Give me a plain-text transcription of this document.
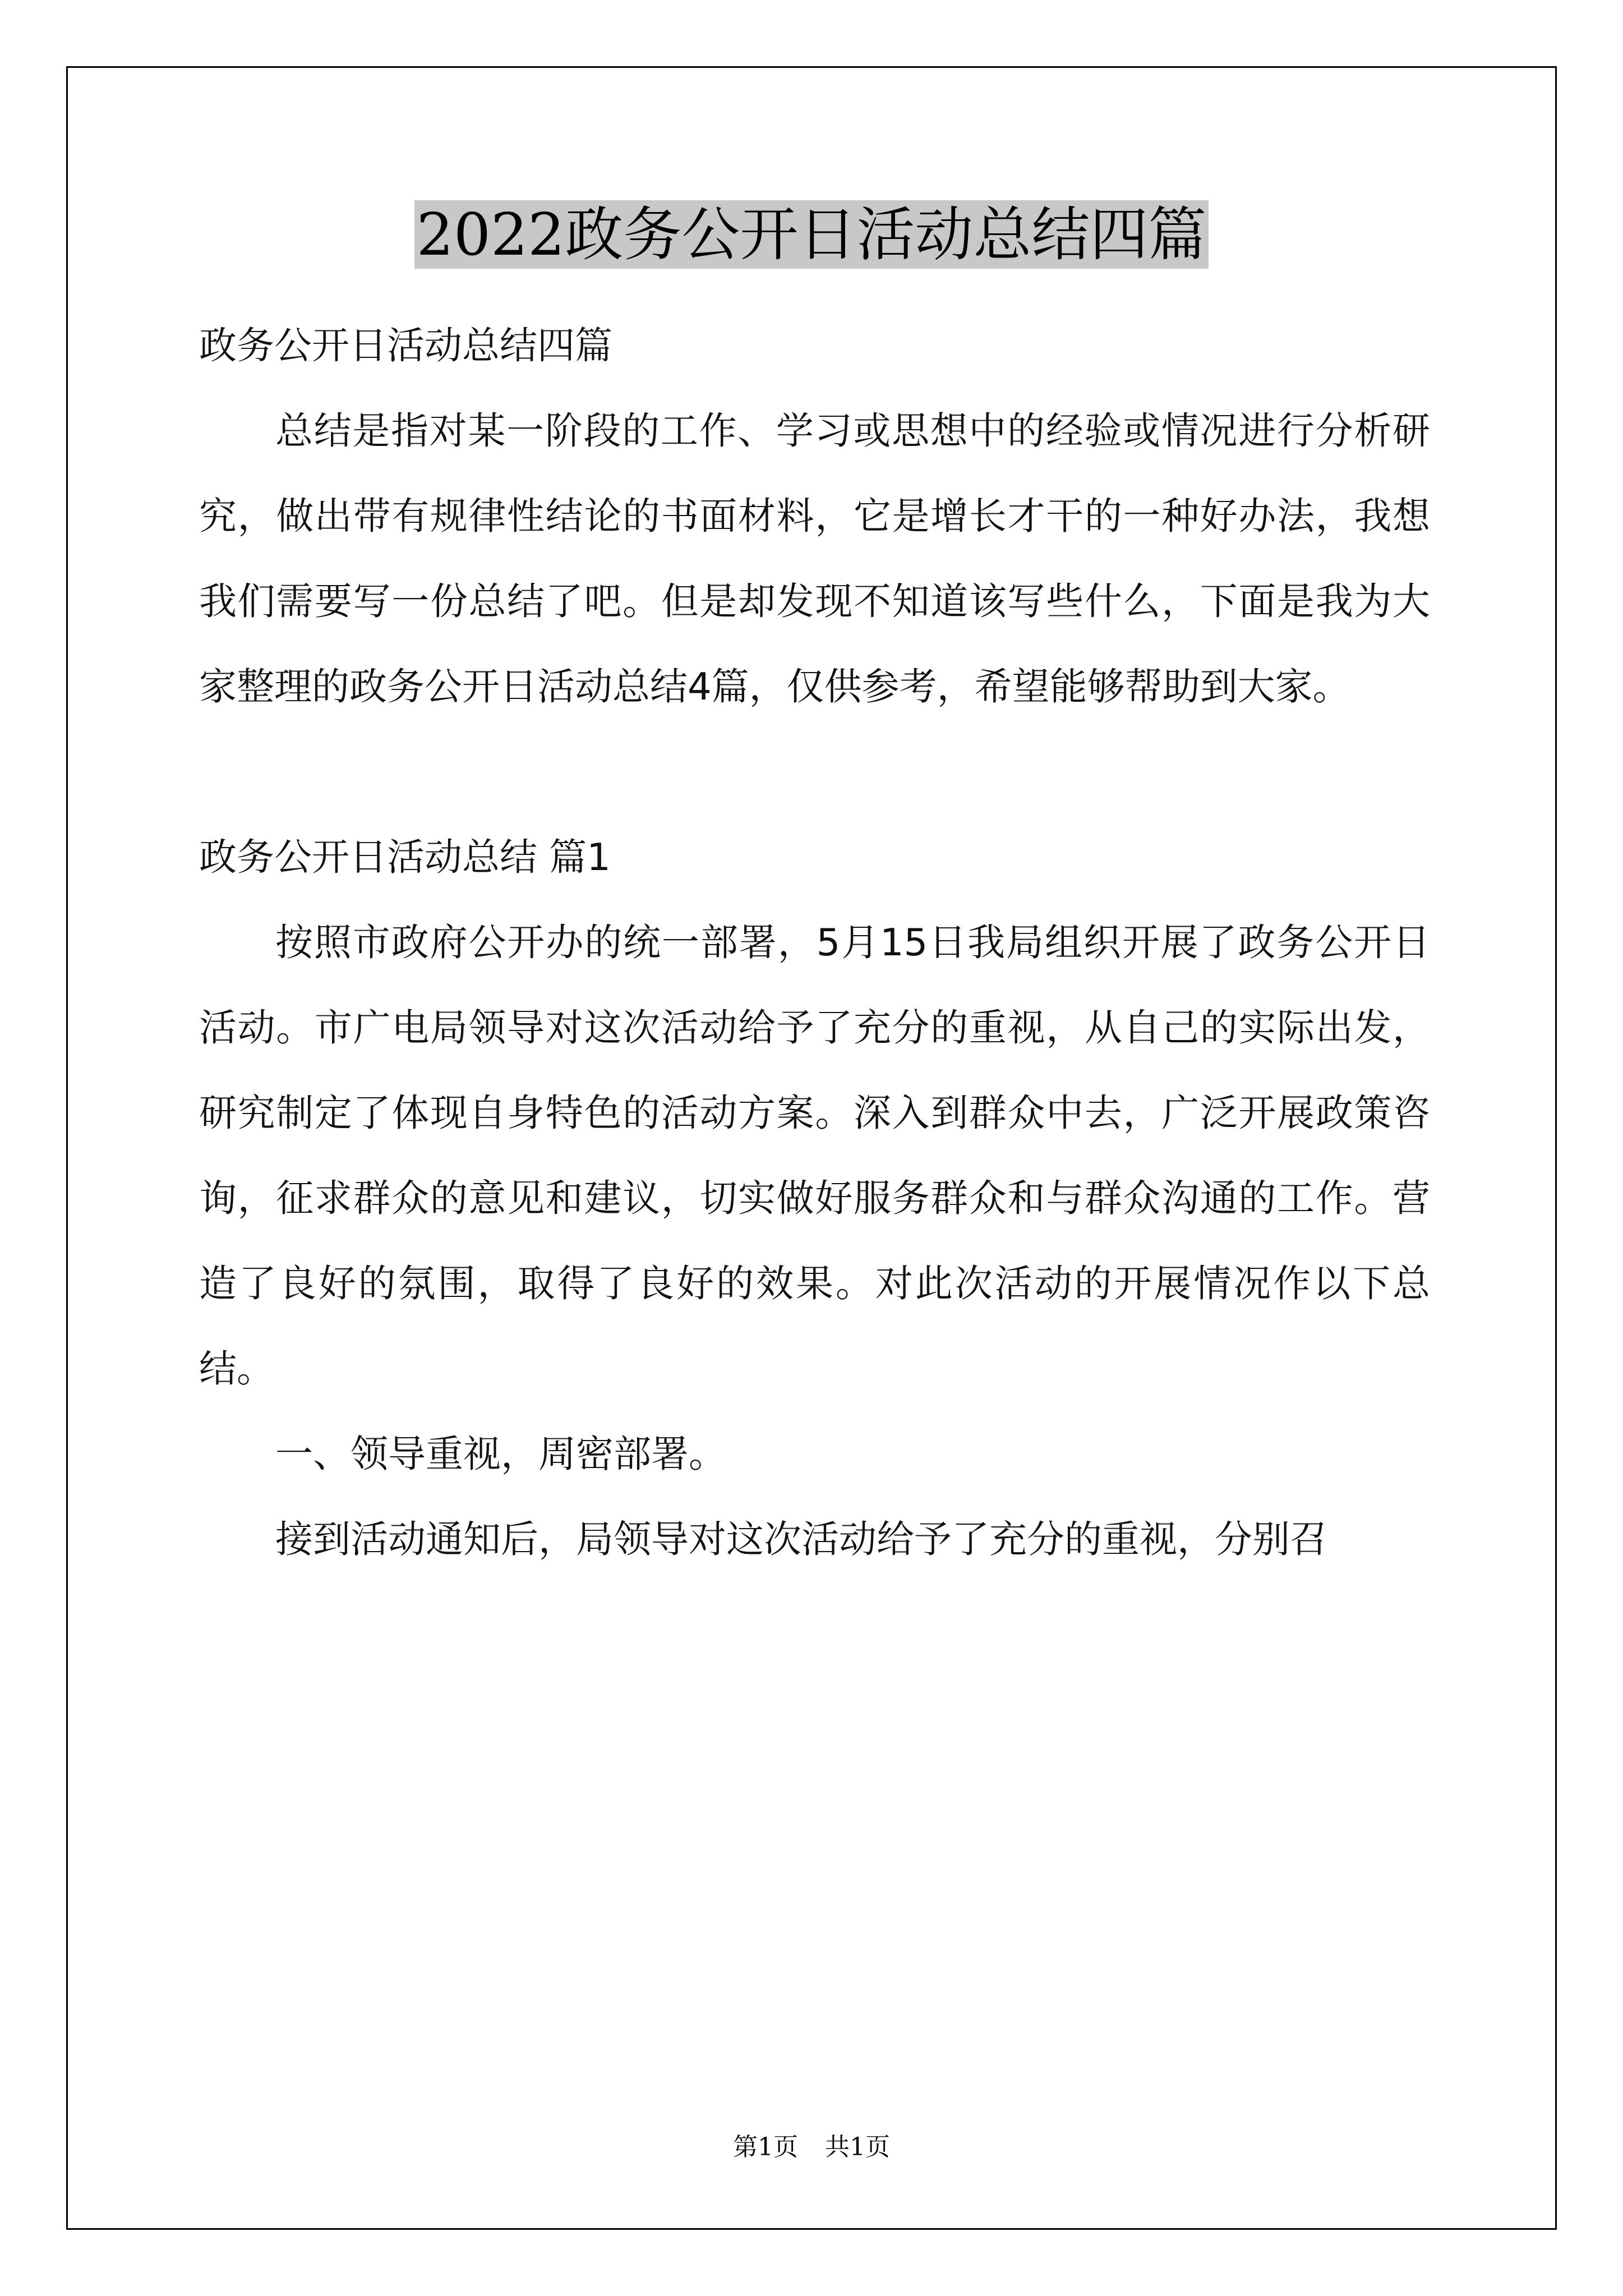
2022政务公开日活动总结四篇

政务公开日活动总结四篇

总结是指对某一阶段的工作、学习或思想中的经验或情况进行分析研究，做出带有规律性结论的书面材料，它是增长才干的一种好办法，我想我们需要写一份总结了吧。但是却发现不知道该写些什么，下面是我为大家整理的政务公开日活动总结4篇，仅供参考，希望能够帮助到大家。

政务公开日活动总结 篇1

按照市政府公开办的统一部署，5月15日我局组织开展了政务公开日活动。市广电局领导对这次活动给予了充分的重视，从自己的实际出发，研究制定了体现自身特色的活动方案。深入到群众中去，广泛开展政策咨询，征求群众的意见和建议，切实做好服务群众和与群众沟通的工作。营造了良好的氛围，取得了良好的效果。对此次活动的开展情况作以下总结。

一、领导重视，周密部署。

接到活动通知后，局领导对这次活动给予了充分的重视，分别召

第1页 共1页
